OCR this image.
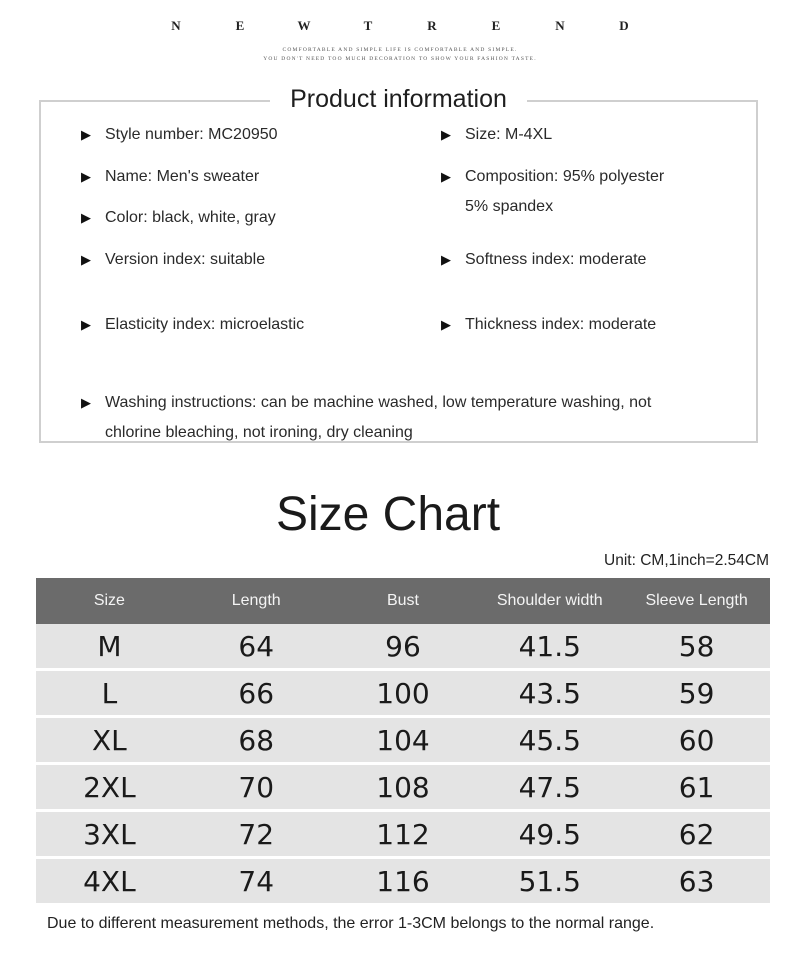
N	E	W	T	R	E	N	D
COMFORTABLE AND SIMPLE LIFE IS COMFORTABLE AND SIMPLE.
YOU DON'T NEED TOO MUCH DECORATION TO SHOW YOUR FASHION TASTE.
Product information
▶ Style number: MC20950	▶ Size: M-4XL
▶ Name: Men's sweater	▶ Composition: 95% polyester
5% spandex
▶ Color: black, white, gray
▶ Version index: suitable	▶ Softness index: moderate
▶ Elasticity index: microelastic	▶ Thickness index: moderate
▶ Washing instructions: can be machine washed, low temperature washing, not
chlorine bleaching, not ironing, dry cleaning
Size Chart
Unit: CM,1inch=2.54CM
Size	Length	Bust	Shoulder width	Sleeve Length
M	64	96	41.5	58
L	66	100	43.5	59
XL	68	104	45.5	60
2XL	70	108	47.5	61
3XL	72	112	49.5	62
4XL	74	116	51.5	63
Due to different measurement methods, the error 1-3CM belongs to the normal range.
